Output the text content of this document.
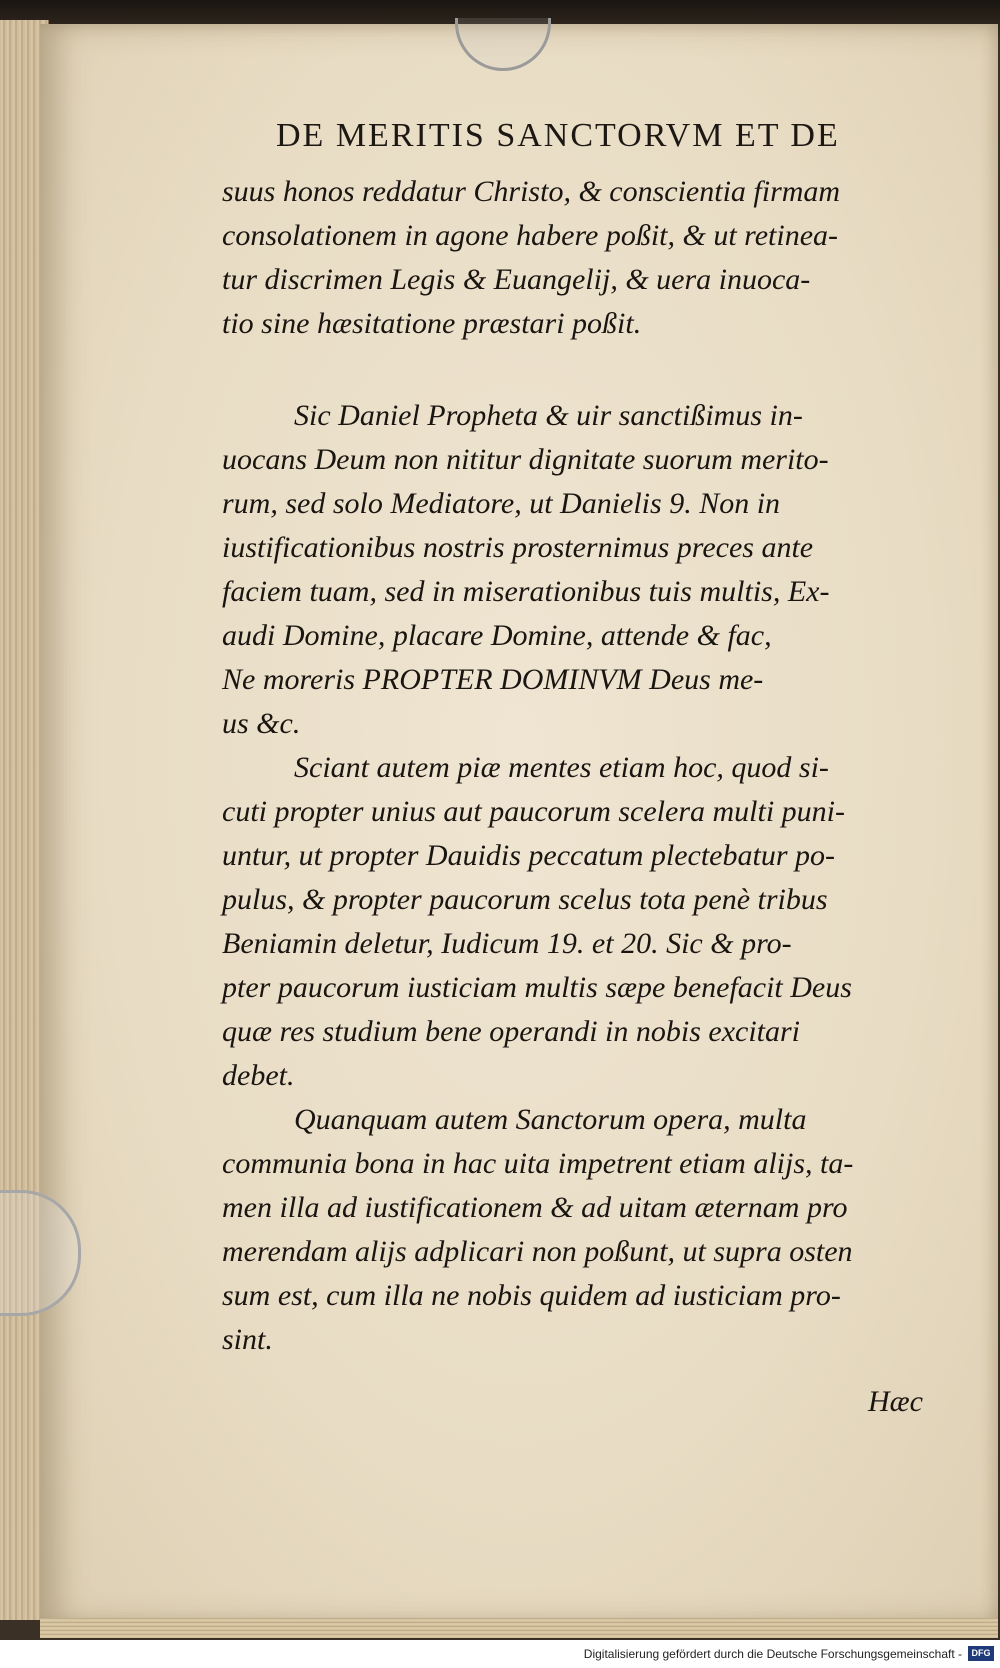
DE MERITIS SANCTORVM ET DE
suus honos reddatur Christo, & conscientia firmam
consolationem in agone habere poßit, & ut retinea-
tur discrimen Legis & Euangelij, & uera inuoca-
tio sine hæsitatione præstari poßit.
Sic Daniel Propheta & uir sanctißimus in-
uocans Deum non nititur dignitate suorum merito-
rum, sed solo Mediatore, ut Danielis 9. Non in
iustificationibus nostris prosternimus preces ante
faciem tuam, sed in miserationibus tuis multis, Ex-
audi Domine, placare Domine, attende & fac,
Ne moreris PROPTER DOMINVM Deus me-
us &c.
Sciant autem piæ mentes etiam hoc, quod si-
cuti propter unius aut paucorum scelera multi puni-
untur, ut propter Dauidis peccatum plectebatur po-
pulus, & propter paucorum scelus tota penè tribus
Beniamin deletur, Iudicum 19. et 20. Sic & pro-
pter paucorum iusticiam multis sæpe benefacit Deus
quæ res studium bene operandi in nobis excitari
debet.
Quanquam autem Sanctorum opera, multa
communia bona in hac uita impetrent etiam alijs, ta-
men illa ad iustificationem & ad uitam æternam pro
merendam alijs adplicari non poßunt, ut supra osten
sum est, cum illa ne nobis quidem ad iusticiam pro-
sint.
Hæc
Digitalisierung gefördert durch die Deutsche Forschungsgemeinschaft -	DFG
